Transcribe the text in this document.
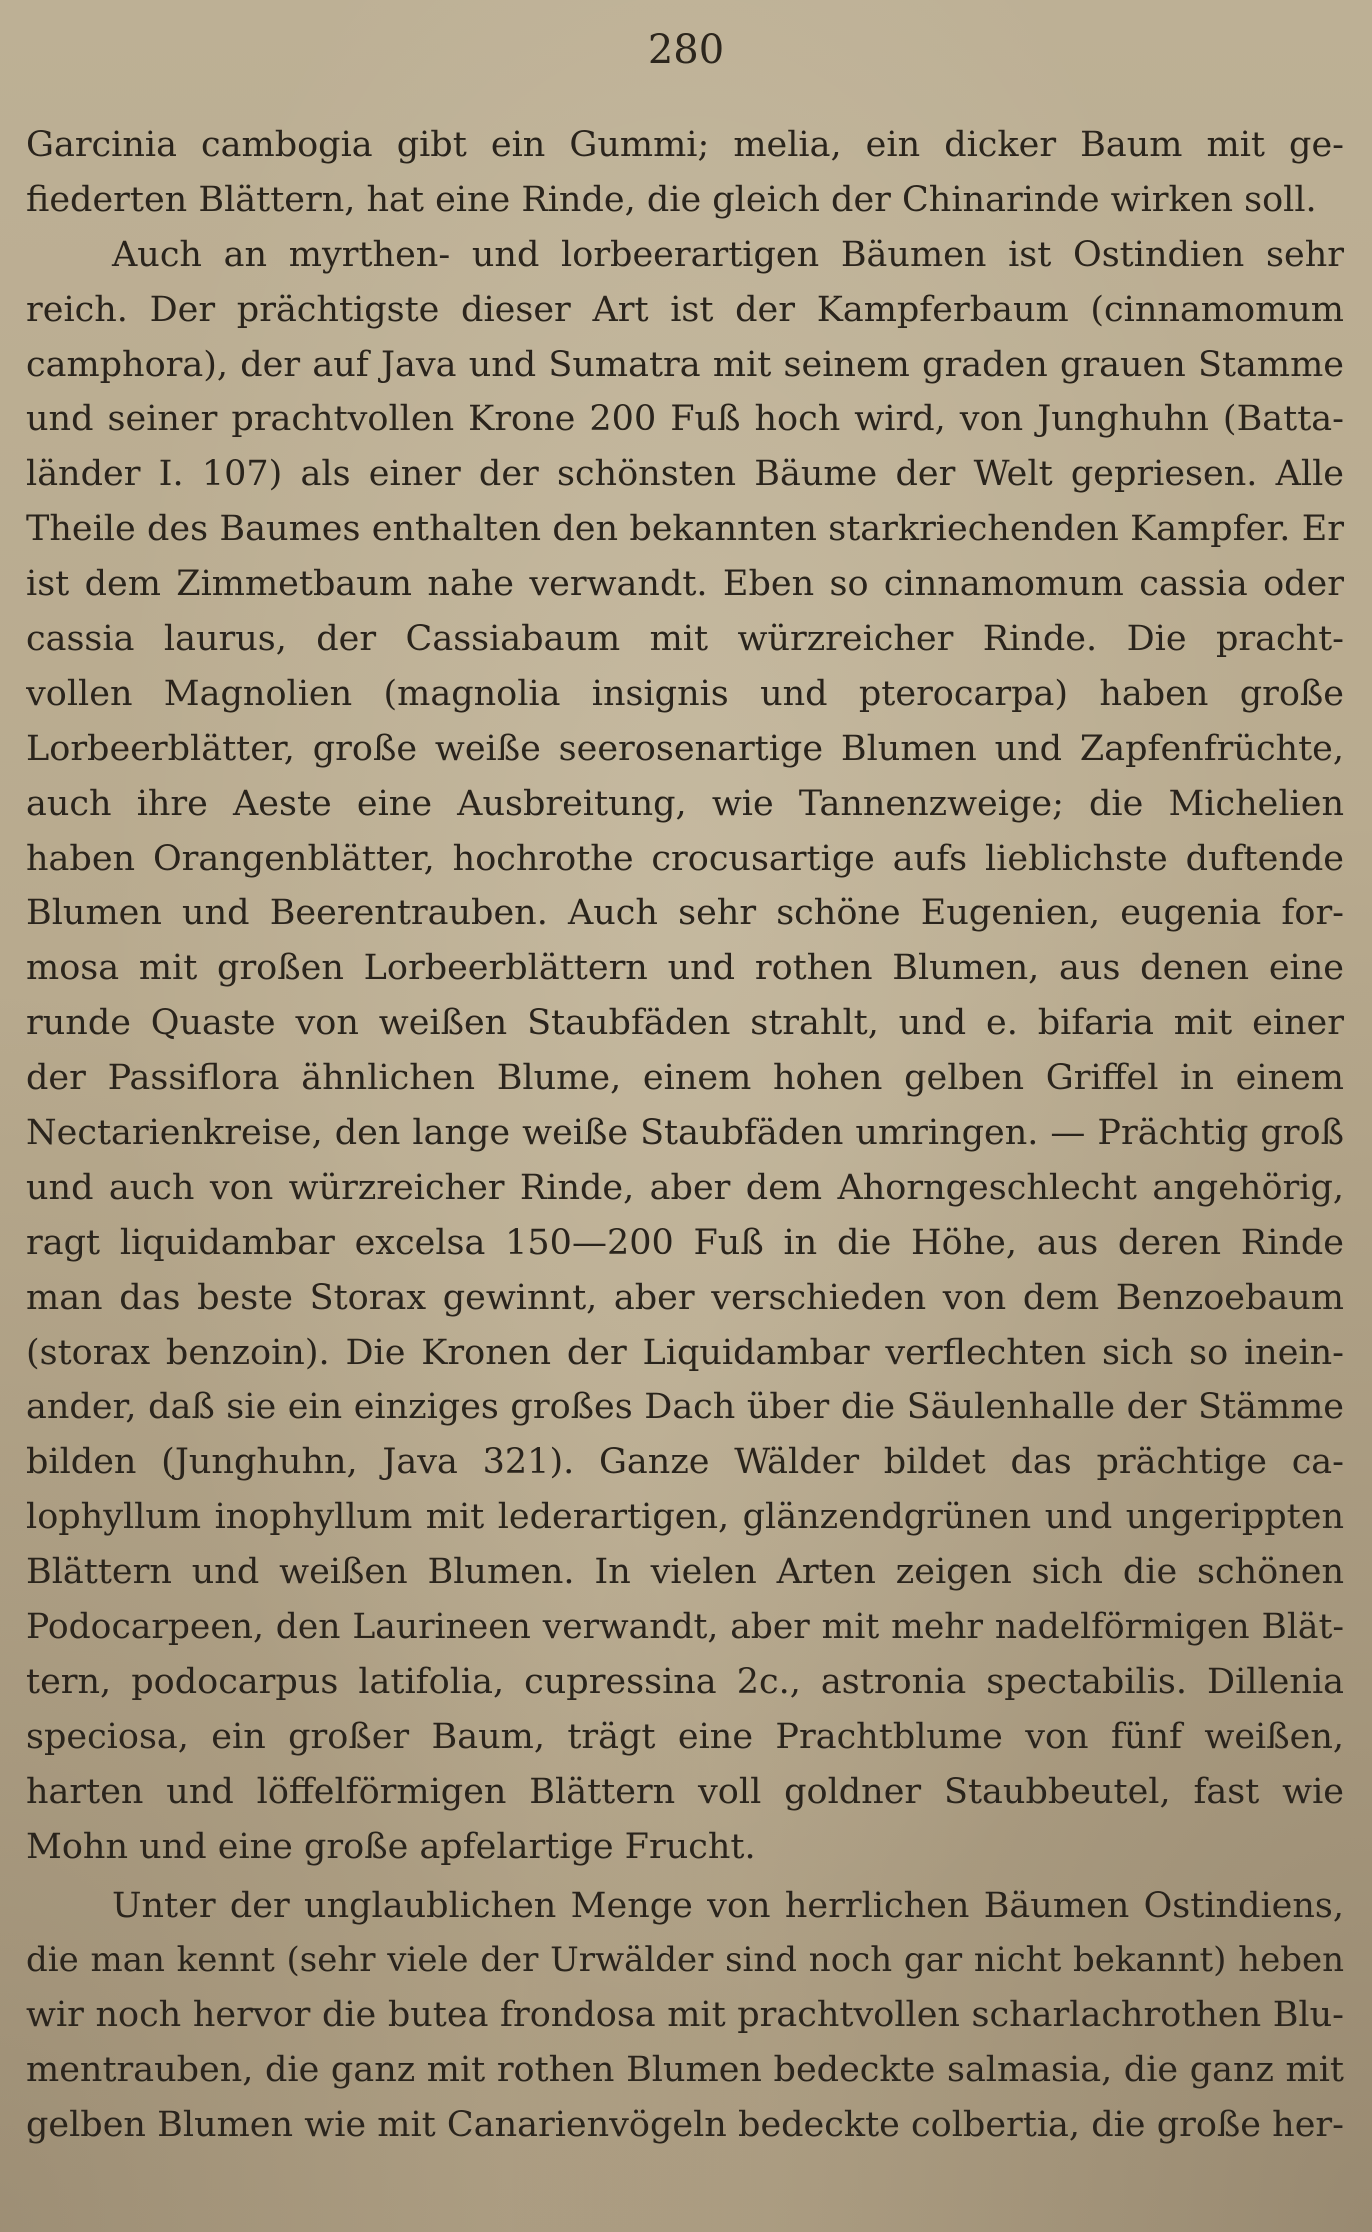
280
Garcinia cambogia gibt ein Gummi; melia, ein dicker Baum mit ge-
fiederten Blättern, hat eine Rinde, die gleich der Chinarinde wirken soll.
Auch an myrthen- und lorbeerartigen Bäumen ist Ostindien sehr
reich. Der prächtigste dieser Art ist der Kampferbaum (cinnamomum
camphora), der auf Java und Sumatra mit seinem graden grauen Stamme
und seiner prachtvollen Krone 200 Fuß hoch wird, von Junghuhn (Batta-
länder I. 107) als einer der schönsten Bäume der Welt gepriesen. Alle
Theile des Baumes enthalten den bekannten starkriechenden Kampfer. Er
ist dem Zimmetbaum nahe verwandt. Eben so cinnamomum cassia oder
cassia laurus, der Cassiabaum mit würzreicher Rinde. Die pracht-
vollen Magnolien (magnolia insignis und pterocarpa) haben große
Lorbeerblätter, große weiße seerosenartige Blumen und Zapfenfrüchte,
auch ihre Aeste eine Ausbreitung, wie Tannenzweige; die Michelien
haben Orangenblätter, hochrothe crocusartige aufs lieblichste duftende
Blumen und Beerentrauben. Auch sehr schöne Eugenien, eugenia for-
mosa mit großen Lorbeerblättern und rothen Blumen, aus denen eine
runde Quaste von weißen Staubfäden strahlt, und e. bifaria mit einer
der Passiflora ähnlichen Blume, einem hohen gelben Griffel in einem
Nectarienkreise, den lange weiße Staubfäden umringen. — Prächtig groß
und auch von würzreicher Rinde, aber dem Ahorngeschlecht angehörig,
ragt liquidambar excelsa 150—200 Fuß in die Höhe, aus deren Rinde
man das beste Storax gewinnt, aber verschieden von dem Benzoebaum
(storax benzoin). Die Kronen der Liquidambar verflechten sich so inein-
ander, daß sie ein einziges großes Dach über die Säulenhalle der Stämme
bilden (Junghuhn, Java 321). Ganze Wälder bildet das prächtige ca-
lophyllum inophyllum mit lederartigen, glänzendgrünen und ungerippten
Blättern und weißen Blumen. In vielen Arten zeigen sich die schönen
Podocarpeen, den Laurineen verwandt, aber mit mehr nadelförmigen Blät-
tern, podocarpus latifolia, cupressina 2c., astronia spectabilis. Dillenia
speciosa, ein großer Baum, trägt eine Prachtblume von fünf weißen,
harten und löffelförmigen Blättern voll goldner Staubbeutel, fast wie
Mohn und eine große apfelartige Frucht.
Unter der unglaublichen Menge von herrlichen Bäumen Ostindiens,
die man kennt (sehr viele der Urwälder sind noch gar nicht bekannt) heben
wir noch hervor die butea frondosa mit prachtvollen scharlachrothen Blu-
mentrauben, die ganz mit rothen Blumen bedeckte salmasia, die ganz mit
gelben Blumen wie mit Canarienvögeln bedeckte colbertia, die große her-
